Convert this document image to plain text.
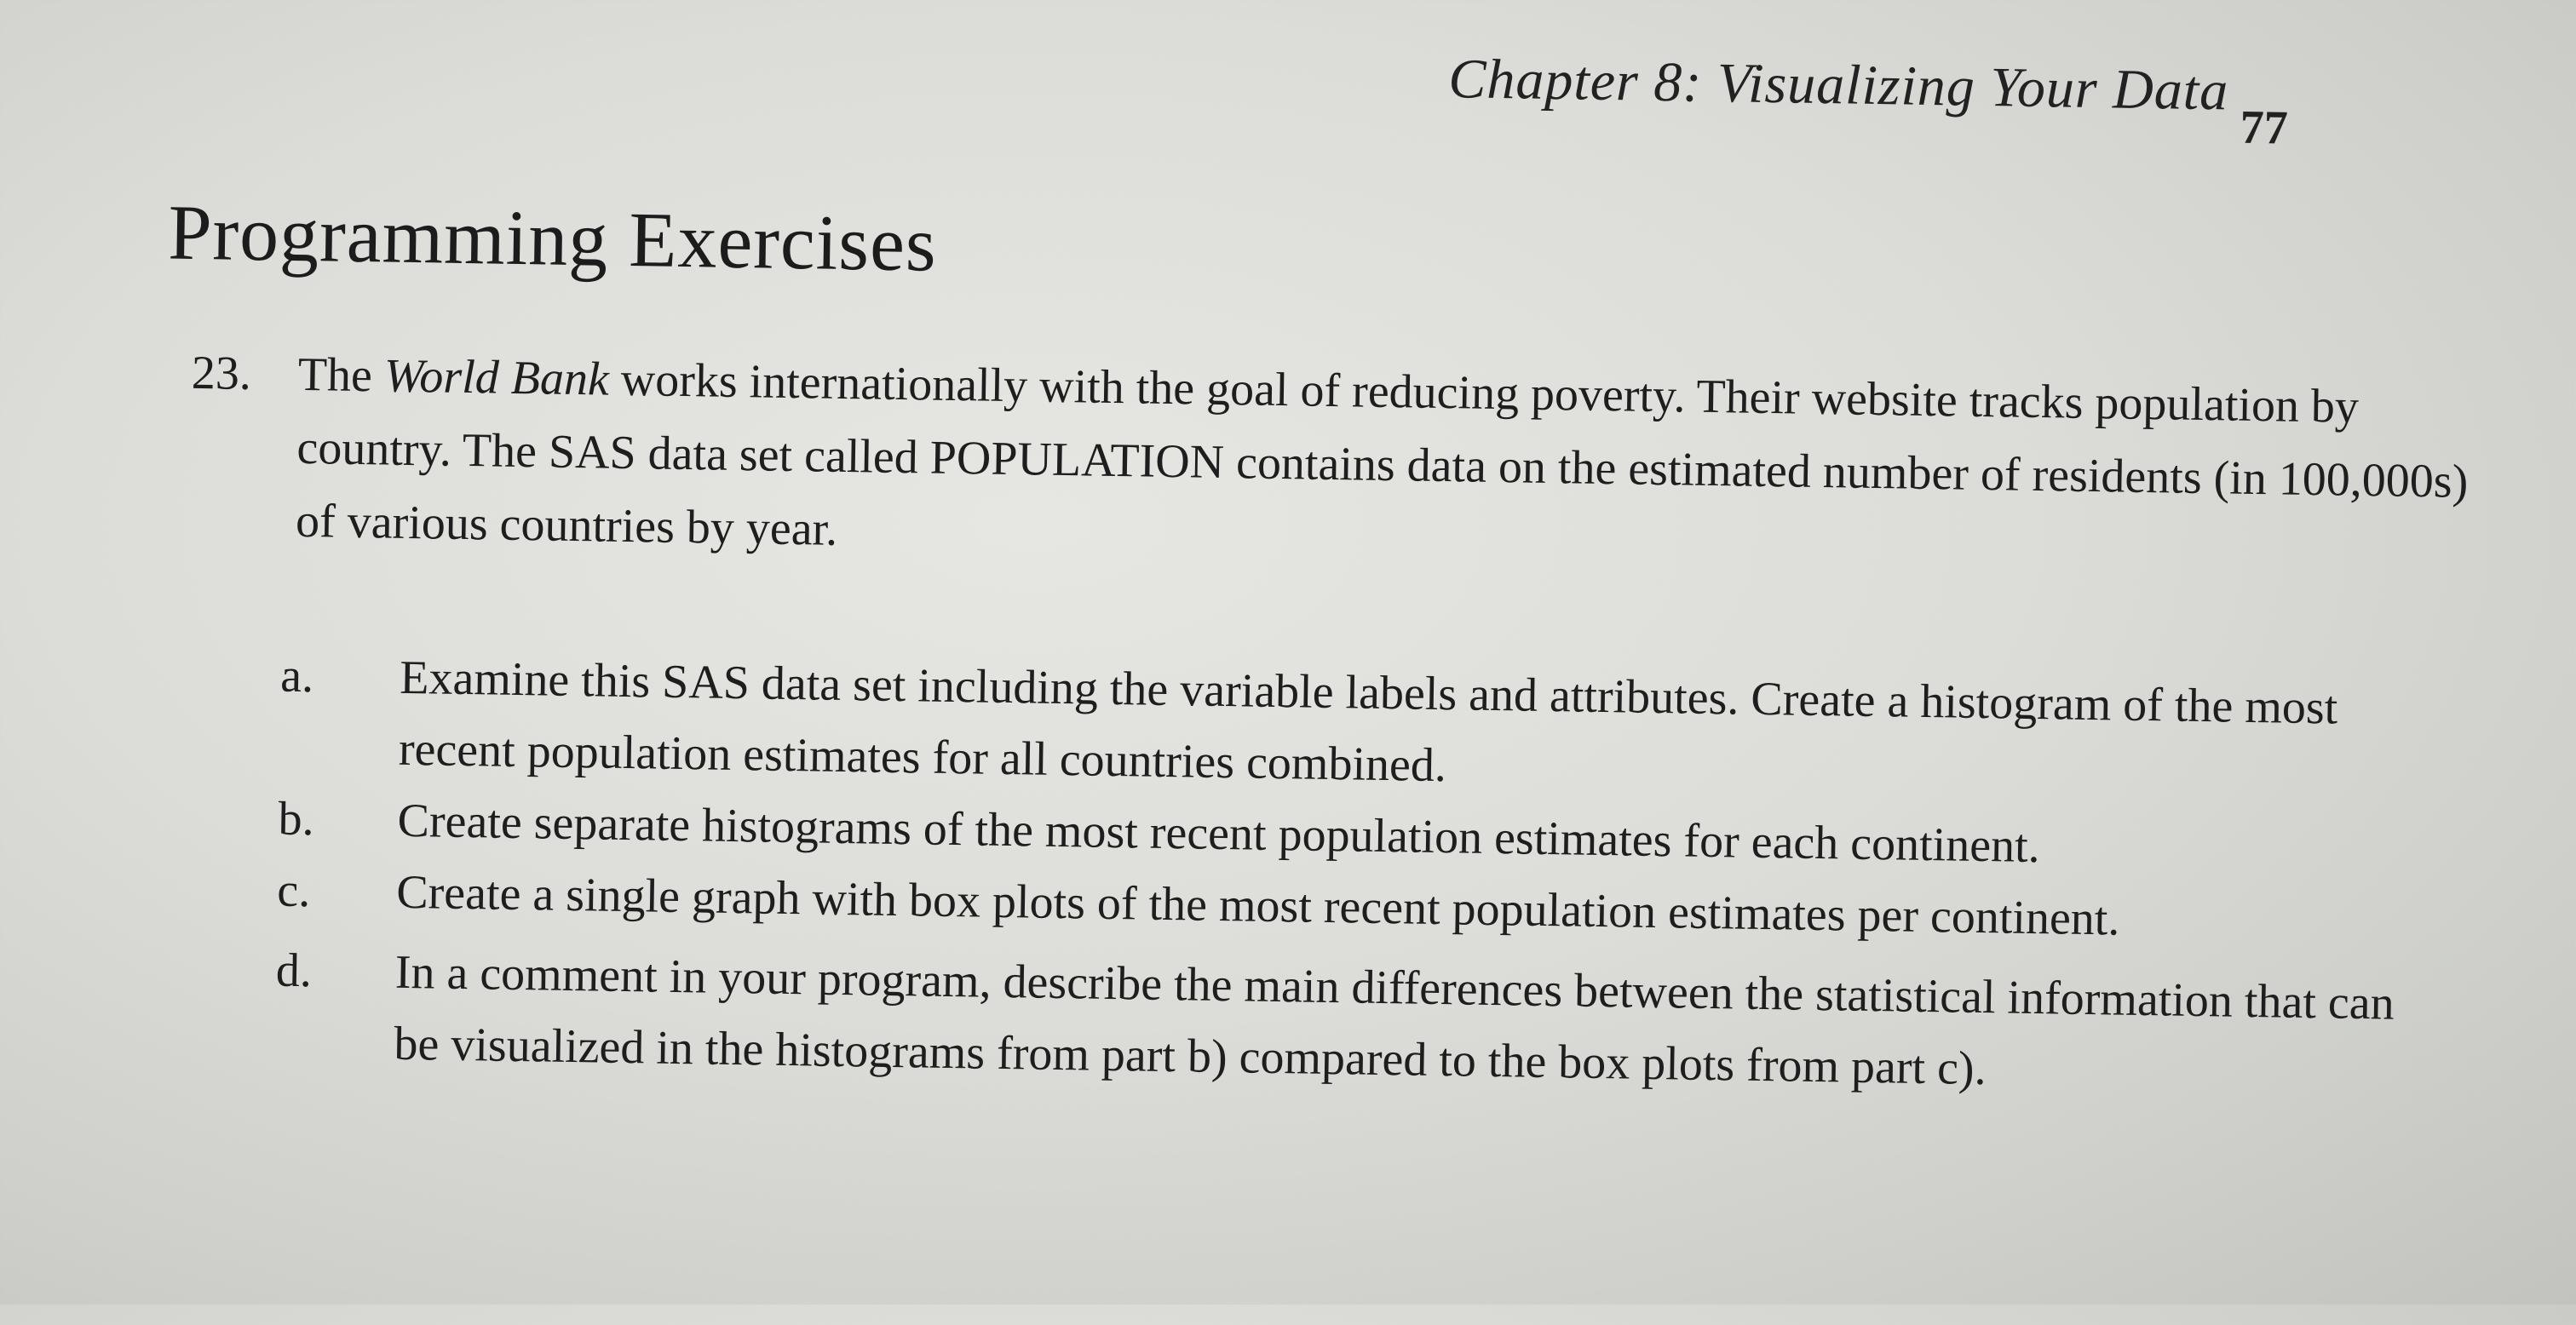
Chapter 8: Visualizing Your Data
77
Programming Exercises
23. The World Bank works internationally with the goal of reducing poverty. Their website tracks population by country. The SAS data set called POPULATION contains data on the estimated number of residents (in 100,000s) of various countries by year.
a. Examine this SAS data set including the variable labels and attributes. Create a histogram of the most recent population estimates for all countries combined.
b. Create separate histograms of the most recent population estimates for each continent.
c. Create a single graph with box plots of the most recent population estimates per continent.
d. In a comment in your program, describe the main differences between the statistical information that can be visualized in the histograms from part b) compared to the box plots from part c).
